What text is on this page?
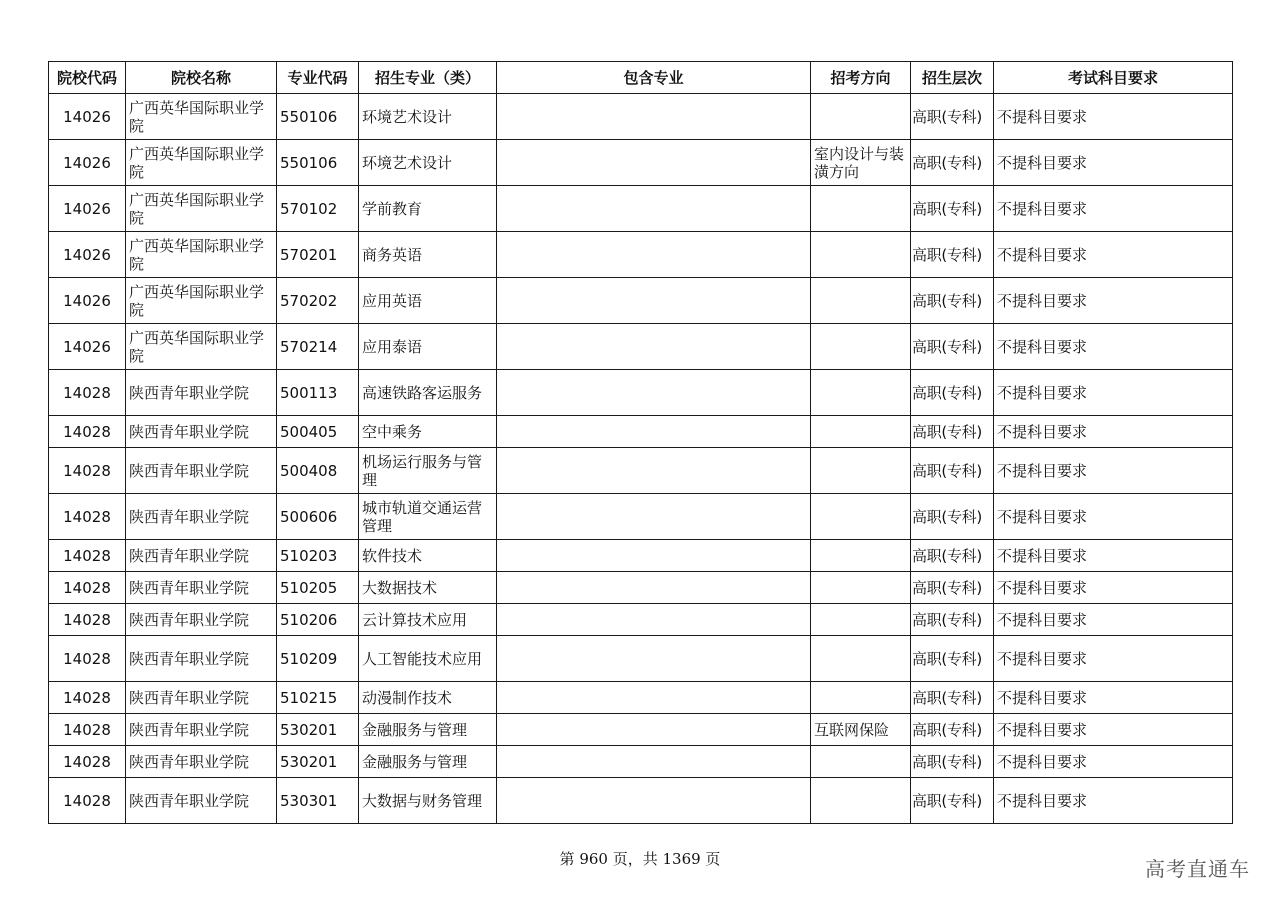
院校代码	院校名称	专业代码	招生专业（类）	包含专业	招考方向	招生层次	考试科目要求
14026	广西英华国际职业学院	550106	环境艺术设计			高职(专科)	不提科目要求
14026	广西英华国际职业学院	550106	环境艺术设计		室内设计与装潢方向	高职(专科)	不提科目要求
14026	广西英华国际职业学院	570102	学前教育			高职(专科)	不提科目要求
14026	广西英华国际职业学院	570201	商务英语			高职(专科)	不提科目要求
14026	广西英华国际职业学院	570202	应用英语			高职(专科)	不提科目要求
14026	广西英华国际职业学院	570214	应用泰语			高职(专科)	不提科目要求
14028	陕西青年职业学院	500113	高速铁路客运服务			高职(专科)	不提科目要求
14028	陕西青年职业学院	500405	空中乘务			高职(专科)	不提科目要求
14028	陕西青年职业学院	500408	机场运行服务与管理			高职(专科)	不提科目要求
14028	陕西青年职业学院	500606	城市轨道交通运营管理			高职(专科)	不提科目要求
14028	陕西青年职业学院	510203	软件技术			高职(专科)	不提科目要求
14028	陕西青年职业学院	510205	大数据技术			高职(专科)	不提科目要求
14028	陕西青年职业学院	510206	云计算技术应用			高职(专科)	不提科目要求
14028	陕西青年职业学院	510209	人工智能技术应用			高职(专科)	不提科目要求
14028	陕西青年职业学院	510215	动漫制作技术			高职(专科)	不提科目要求
14028	陕西青年职业学院	530201	金融服务与管理		互联网保险	高职(专科)	不提科目要求
14028	陕西青年职业学院	530201	金融服务与管理			高职(专科)	不提科目要求
14028	陕西青年职业学院	530301	大数据与财务管理			高职(专科)	不提科目要求
第 960 页，共 1369 页	高考直通车
